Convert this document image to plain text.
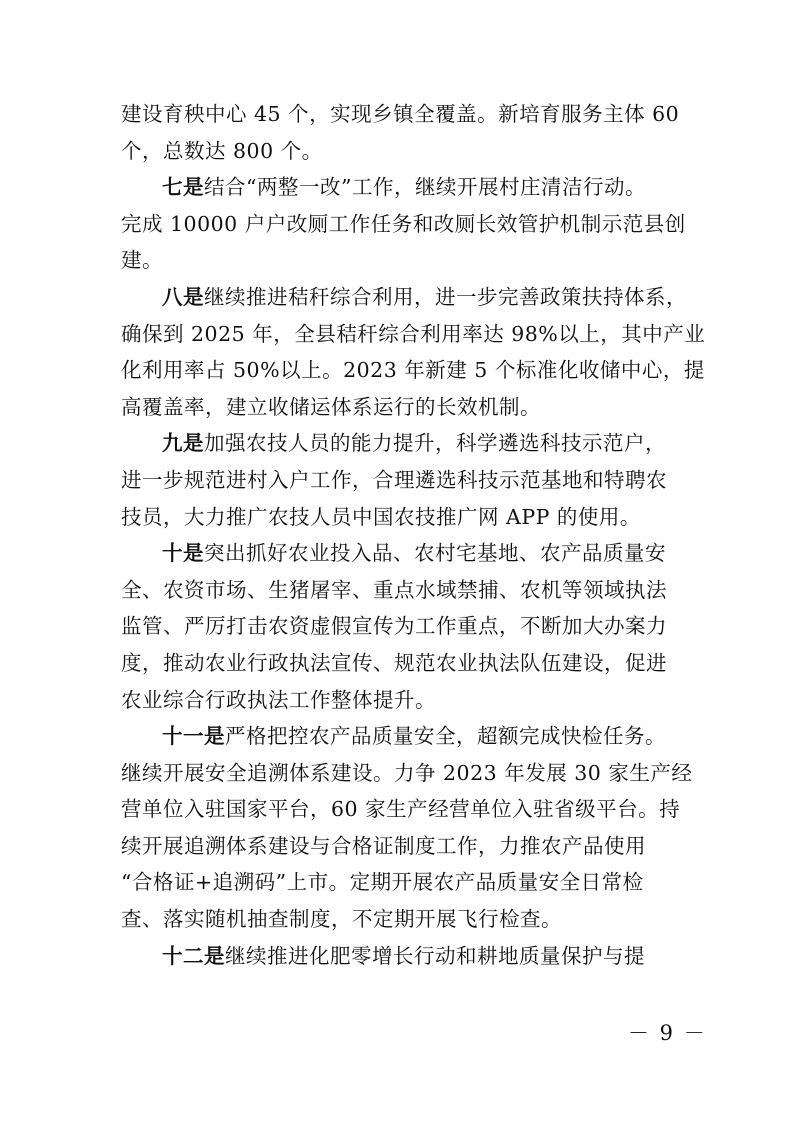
建设育秧中心 45 个，实现乡镇全覆盖。新培育服务主体 60
个，总数达 800 个。
七是结合“两整一改”工作，继续开展村庄清洁行动。
完成 10000 户户改厕工作任务和改厕长效管护机制示范县创
建。
八是继续推进秸秆综合利用，进一步完善政策扶持体系，
确保到 2025 年，全县秸秆综合利用率达 98%以上，其中产业
化利用率占 50%以上。2023 年新建 5 个标准化收储中心，提
高覆盖率，建立收储运体系运行的长效机制。
九是加强农技人员的能力提升，科学遴选科技示范户，
进一步规范进村入户工作，合理遴选科技示范基地和特聘农
技员，大力推广农技人员中国农技推广网 APP 的使用。
十是突出抓好农业投入品、农村宅基地、农产品质量安
全、农资市场、生猪屠宰、重点水域禁捕、农机等领域执法
监管、严厉打击农资虚假宣传为工作重点，不断加大办案力
度，推动农业行政执法宣传、规范农业执法队伍建设，促进
农业综合行政执法工作整体提升。
十一是严格把控农产品质量安全，超额完成快检任务。
继续开展安全追溯体系建设。力争 2023 年发展 30 家生产经
营单位入驻国家平台，60 家生产经营单位入驻省级平台。持
续开展追溯体系建设与合格证制度工作，力推农产品使用
“合格证+追溯码”上市。定期开展农产品质量安全日常检
查、落实随机抽查制度，不定期开展飞行检查。
十二是继续推进化肥零增长行动和耕地质量保护与提
－ 9 －
